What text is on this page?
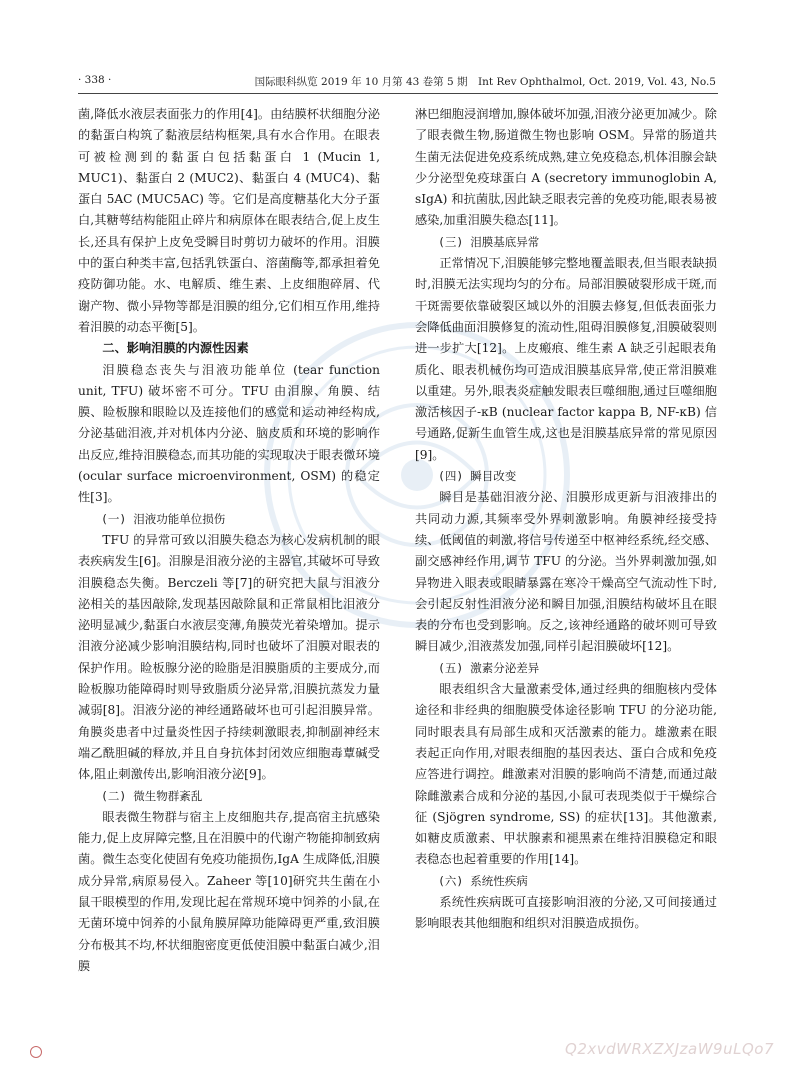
· 338 ·	国际眼科纵览 2019 年 10 月第 43 卷第 5 期　Int Rev Ophthalmol, Oct. 2019, Vol. 43, No.5

菌,降低水液层表面张力的作用[4]。由结膜杯状细胞分泌的黏蛋白构筑了黏液层结构框架,具有水合作用。在眼表可被检测到的黏蛋白包括黏蛋白 1 (Mucin 1, MUC1)、黏蛋白 2 (MUC2)、黏蛋白 4 (MUC4)、黏蛋白 5AC (MUC5AC) 等。它们是高度糖基化大分子蛋白,其糖萼结构能阻止碎片和病原体在眼表结合,促上皮生长,还具有保护上皮免受瞬目时剪切力破坏的作用。泪膜中的蛋白种类丰富,包括乳铁蛋白、溶菌酶等,都承担着免疫防御功能。水、电解质、维生素、上皮细胞碎屑、代谢产物、微小异物等都是泪膜的组分,它们相互作用,维持着泪膜的动态平衡[5]。

二、影响泪膜的内源性因素

泪膜稳态丧失与泪液功能单位 (tear function unit, TFU) 破坏密不可分。TFU 由泪腺、角膜、结膜、睑板腺和眼睑以及连接他们的感觉和运动神经构成,分泌基础泪液,并对机体内分泌、脑皮质和环境的影响作出反应,维持泪膜稳态,而其功能的实现取决于眼表微环境 (ocular surface microenvironment, OSM) 的稳定性[3]。

(一) 泪液功能单位损伤

TFU 的异常可致以泪膜失稳态为核心发病机制的眼表疾病发生[6]。泪腺是泪液分泌的主器官,其破坏可导致泪膜稳态失衡。Berczeli 等[7]的研究把大鼠与泪液分泌相关的基因敲除,发现基因敲除鼠和正常鼠相比泪液分泌明显减少,黏蛋白水液层变薄,角膜荧光着染增加。提示泪液分泌减少影响泪膜结构,同时也破坏了泪膜对眼表的保护作用。睑板腺分泌的睑脂是泪膜脂质的主要成分,而睑板腺功能障碍时则导致脂质分泌异常,泪膜抗蒸发力量减弱[8]。泪液分泌的神经通路破坏也可引起泪膜异常。角膜炎患者中过量炎性因子持续刺激眼表,抑制副神经末端乙酰胆碱的释放,并且自身抗体封闭效应细胞毒蕈碱受体,阻止刺激传出,影响泪液分泌[9]。

(二) 微生物群紊乱

眼表微生物群与宿主上皮细胞共存,提高宿主抗感染能力,促上皮屏障完整,且在泪膜中的代谢产物能抑制致病菌。微生态变化使固有免疫功能损伤,IgA 生成降低,泪膜成分异常,病原易侵入。Zaheer 等[10]研究共生菌在小鼠干眼模型的作用,发现比起在常规环境中饲养的小鼠,在无菌环境中饲养的小鼠角膜屏障功能障碍更严重,致泪膜分布极其不均,杯状细胞密度更低使泪膜中黏蛋白减少,泪膜

淋巴细胞浸润增加,腺体破坏加强,泪液分泌更加减少。除了眼表微生物,肠道微生物也影响 OSM。异常的肠道共生菌无法促进免疫系统成熟,建立免疫稳态,机体泪腺会缺少分泌型免疫球蛋白 A (secretory immunoglobin A, sIgA) 和抗菌肽,因此缺乏眼表完善的免疫功能,眼表易被感染,加重泪膜失稳态[11]。

(三) 泪膜基底异常

正常情况下,泪膜能够完整地覆盖眼表,但当眼表缺损时,泪膜无法实现均匀的分布。局部泪膜破裂形成干斑,而干斑需要依靠破裂区域以外的泪膜去修复,但低表面张力会降低曲面泪膜修复的流动性,阻碍泪膜修复,泪膜破裂则进一步扩大[12]。上皮瘢痕、维生素 A 缺乏引起眼表角质化、眼表机械伤均可造成泪膜基底异常,使正常泪膜难以重建。另外,眼表炎症触发眼表巨噬细胞,通过巨噬细胞激活核因子-κB (nuclear factor kappa B, NF-κB) 信号通路,促新生血管生成,这也是泪膜基底异常的常见原因[9]。

(四) 瞬目改变

瞬目是基础泪液分泌、泪膜形成更新与泪液排出的共同动力源,其频率受外界刺激影响。角膜神经接受持续、低阈值的刺激,将信号传递至中枢神经系统,经交感、副交感神经作用,调节 TFU 的分泌。当外界刺激加强,如异物进入眼表或眼睛暴露在寒冷干燥高空气流动性下时,会引起反射性泪液分泌和瞬目加强,泪膜结构破坏且在眼表的分布也受到影响。反之,该神经通路的破坏则可导致瞬目减少,泪液蒸发加强,同样引起泪膜破坏[12]。

(五) 激素分泌差异

眼表组织含大量激素受体,通过经典的细胞核内受体途径和非经典的细胞膜受体途径影响 TFU 的分泌功能,同时眼表具有局部生成和灭活激素的能力。雄激素在眼表起正向作用,对眼表细胞的基因表达、蛋白合成和免疫应答进行调控。雌激素对泪膜的影响尚不清楚,而通过敲除雌激素合成和分泌的基因,小鼠可表现类似于干燥综合征 (Sjögren syndrome, SS) 的症状[13]。其他激素,如糖皮质激素、甲状腺素和褪黑素在维持泪膜稳定和眼表稳态也起着重要的作用[14]。

(六) 系统性疾病

系统性疾病既可直接影响泪液的分泌,又可间接通过影响眼表其他细胞和组织对泪膜造成损伤。

Q2xvdWRXZXJzaW9uLQo7
